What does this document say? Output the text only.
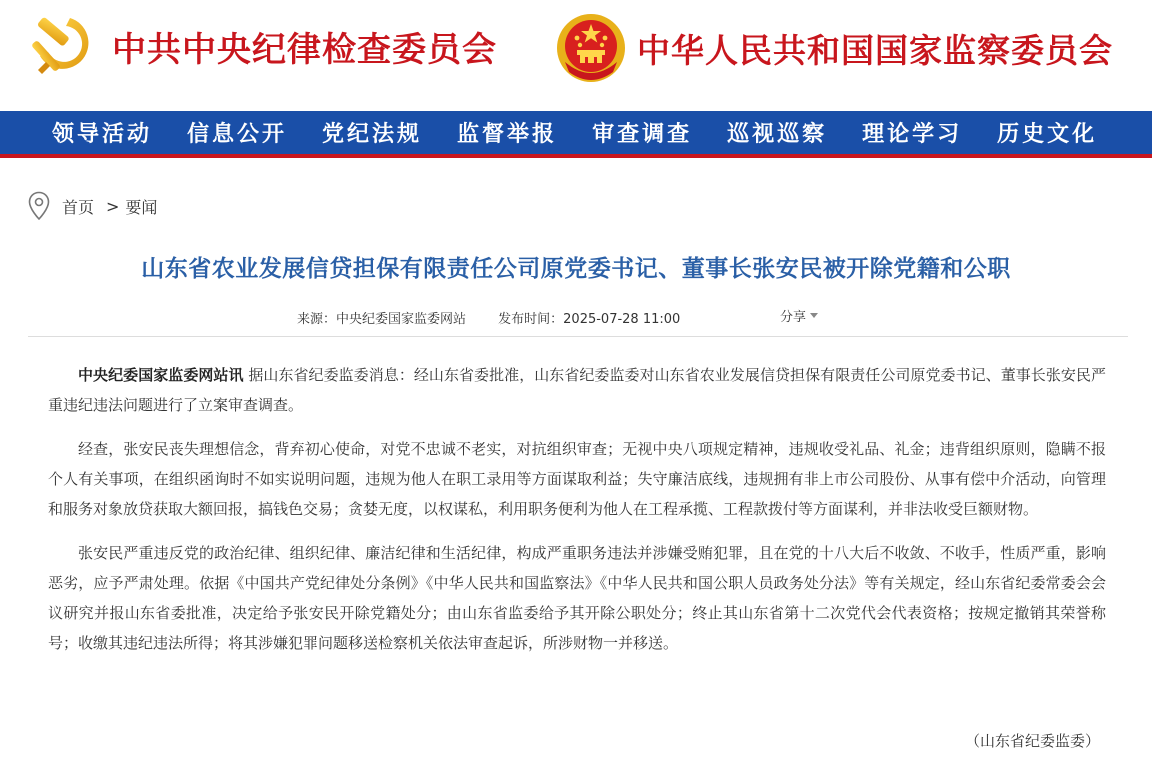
中共中央纪律检查委员会	中华人民共和国国家监察委员会
领导活动 信息公开 党纪法规 监督举报 审查调查 巡视巡察 理论学习 历史文化
首页 > 要闻
山东省农业发展信贷担保有限责任公司原党委书记、董事长张安民被开除党籍和公职
来源：中央纪委国家监委网站 发布时间：2025-07-28 11:00	分享

中央纪委国家监委网站讯 据山东省纪委监委消息：经山东省委批准，山东省纪委监委对山东省农业发展信贷担保有限责任公司原党委书记、董事长张安民严重违纪违法问题进行了立案审查调查。

经查，张安民丧失理想信念，背弃初心使命，对党不忠诚不老实，对抗组织审查；无视中央八项规定精神，违规收受礼品、礼金；违背组织原则，隐瞒不报个人有关事项，在组织函询时不如实说明问题，违规为他人在职工录用等方面谋取利益；失守廉洁底线，违规拥有非上市公司股份、从事有偿中介活动，向管理和服务对象放贷获取大额回报，搞钱色交易；贪婪无度，以权谋私，利用职务便利为他人在工程承揽、工程款拨付等方面谋利，并非法收受巨额财物。

张安民严重违反党的政治纪律、组织纪律、廉洁纪律和生活纪律，构成严重职务违法并涉嫌受贿犯罪，且在党的十八大后不收敛、不收手，性质严重，影响恶劣，应予严肃处理。依据《中国共产党纪律处分条例》《中华人民共和国监察法》《中华人民共和国公职人员政务处分法》等有关规定，经山东省纪委常委会会议研究并报山东省委批准，决定给予张安民开除党籍处分；由山东省监委给予其开除公职处分；终止其山东省第十二次党代会代表资格；按规定撤销其荣誉称号；收缴其违纪违法所得；将其涉嫌犯罪问题移送检察机关依法审查起诉，所涉财物一并移送。

（山东省纪委监委）
